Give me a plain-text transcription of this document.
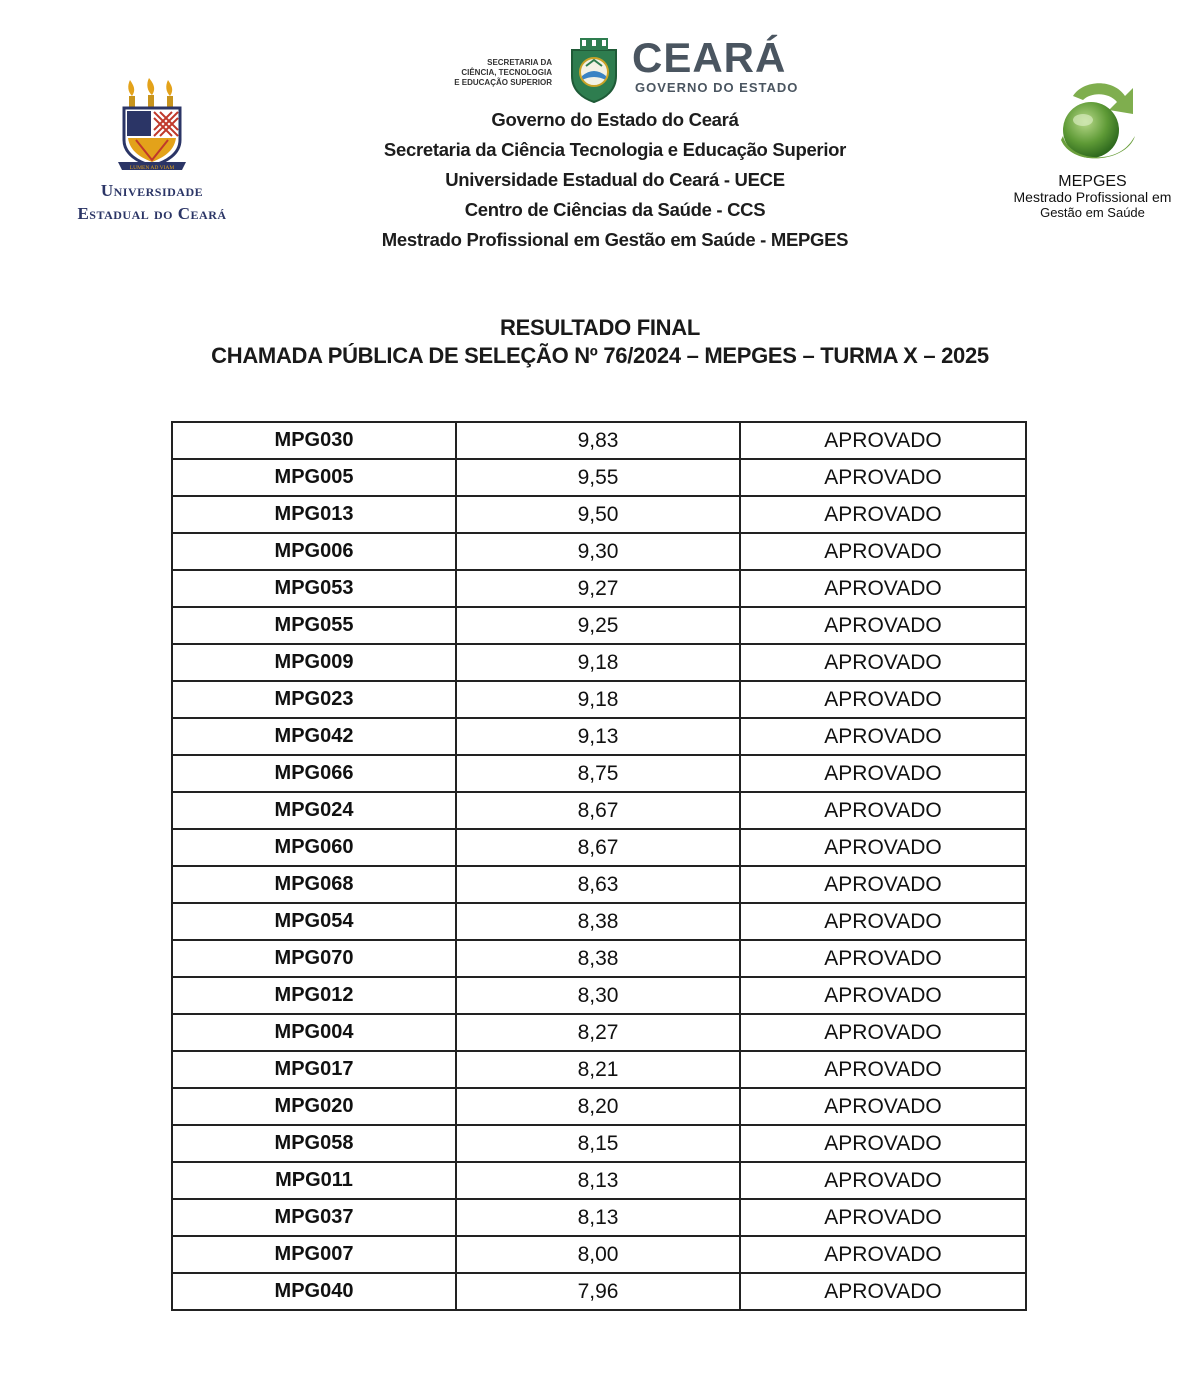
LUMEN AD VIAM
Universidade
Estadual do Ceará
SECRETARIA DA
CIÊNCIA, TECNOLOGIA
E EDUCAÇÃO SUPERIOR
CEARÁ
GOVERNO DO ESTADO
Governo do Estado do Ceará
Secretaria da Ciência Tecnologia e Educação Superior
Universidade Estadual do Ceará - UECE
Centro de Ciências da Saúde - CCS
Mestrado Profissional em Gestão em Saúde - MEPGES
MEPGES
Mestrado Profissional em
Gestão em Saúde
RESULTADO FINAL
CHAMADA PÚBLICA DE SELEÇÃO Nº 76/2024 – MEPGES – TURMA X – 2025
MPG030	9,83	APROVADO
MPG005	9,55	APROVADO
MPG013	9,50	APROVADO
MPG006	9,30	APROVADO
MPG053	9,27	APROVADO
MPG055	9,25	APROVADO
MPG009	9,18	APROVADO
MPG023	9,18	APROVADO
MPG042	9,13	APROVADO
MPG066	8,75	APROVADO
MPG024	8,67	APROVADO
MPG060	8,67	APROVADO
MPG068	8,63	APROVADO
MPG054	8,38	APROVADO
MPG070	8,38	APROVADO
MPG012	8,30	APROVADO
MPG004	8,27	APROVADO
MPG017	8,21	APROVADO
MPG020	8,20	APROVADO
MPG058	8,15	APROVADO
MPG011	8,13	APROVADO
MPG037	8,13	APROVADO
MPG007	8,00	APROVADO
MPG040	7,96	APROVADO
